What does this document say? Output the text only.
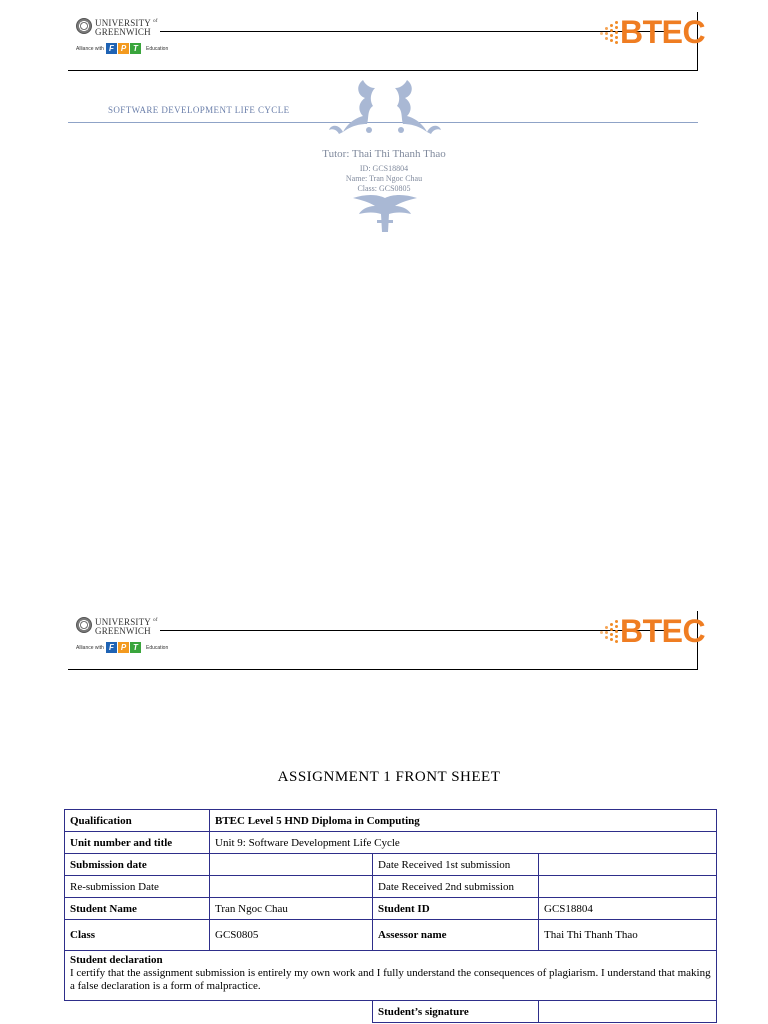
UNIVERSITY $^{of}$
GREENWICH
Alliance with F P T	Education	BTEC
SOFTWARE DEVELOPMENT LIFE CYCLE
Tutor: Thai Thi Thanh Thao
ID: GCS18804
Name: Tran Ngoc Chau
Class: GCS0805
UNIVERSITY $^{of}$
GREENWICH
Alliance with F P T	Education	BTEC
ASSIGNMENT 1 FRONT SHEET
Qualification	BTEC Level 5 HND Diploma in Computing		
Unit number and title	Unit 9: Software Development Life Cycle		
Submission date		Date Received 1st submission	
Re-submission Date		Date Received 2nd submission	
Student Name	Tran Ngoc Chau	Student ID	GCS18804
Class	GCS0805	Assessor name	Thai Thi Thanh Thao

Student declaration
I certify that the assignment submission is entirely my own work and I fully understand the consequences of plagiarism. I understand that making a false declaration is a form of malpractice.			

		Student’s signature	
